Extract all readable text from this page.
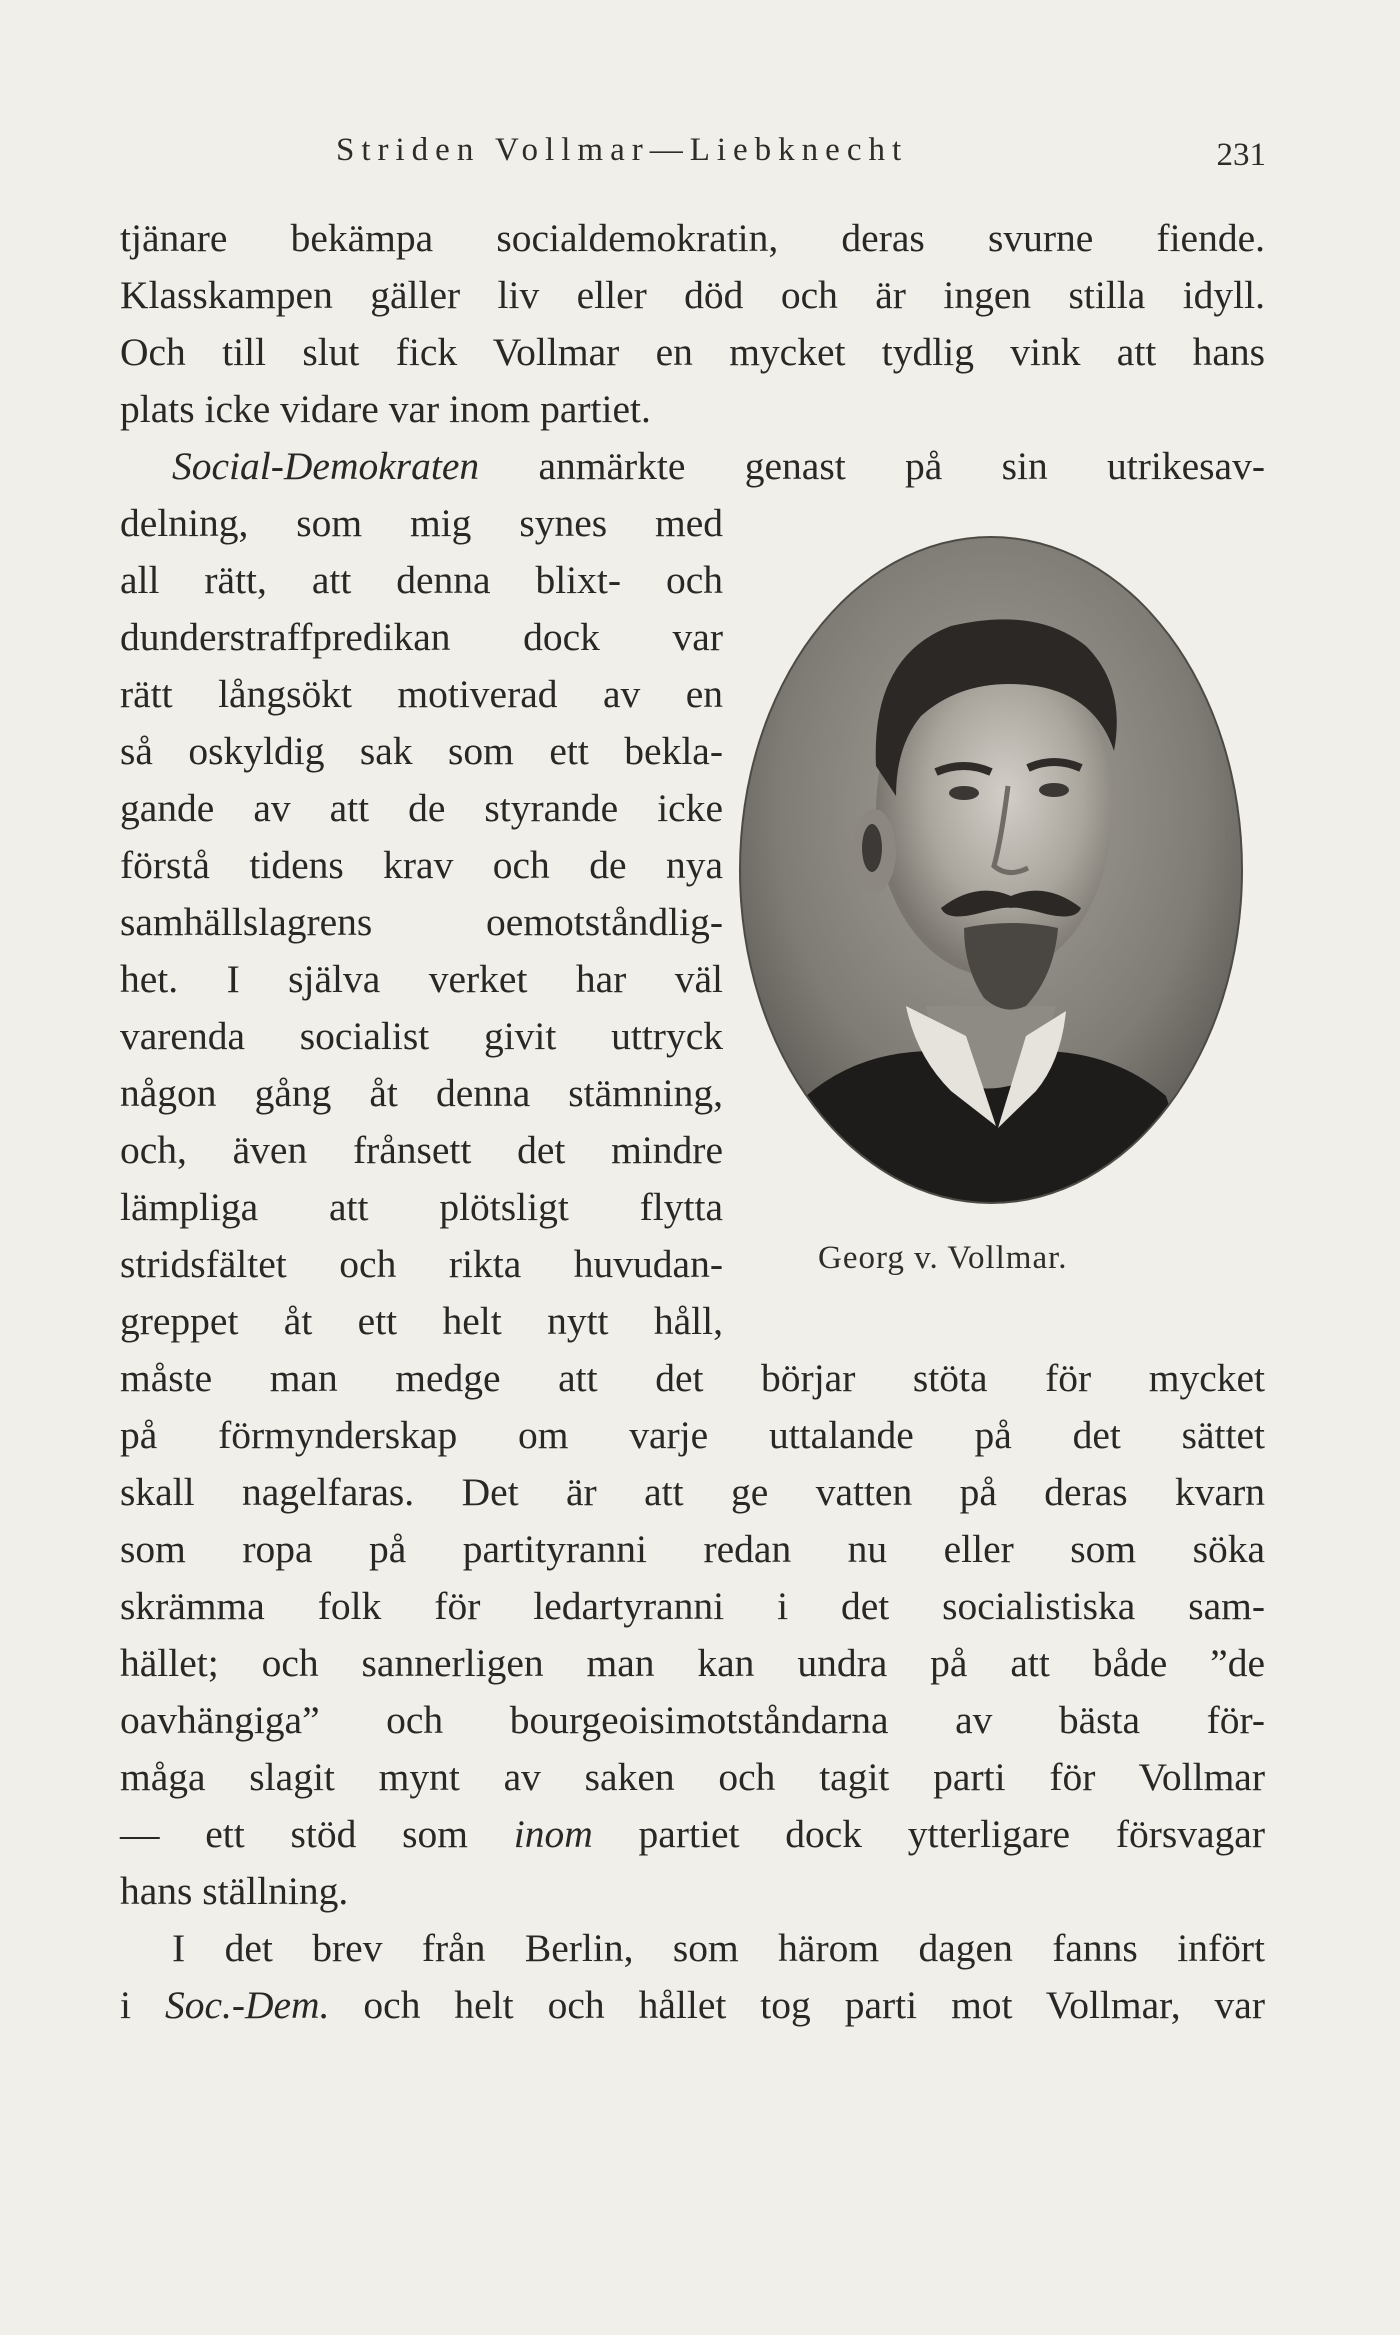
Striden Vollmar—Liebknecht	231
tjänare bekämpa socialdemokratin, deras svurne fiende.
Klasskampen gäller liv eller död och är ingen stilla idyll.
Och till slut fick Vollmar en mycket tydlig vink att hans
plats icke vidare var inom partiet.
Social-Demokraten anmärkte genast på sin utrikesav-
delning, som mig synes med
all rätt, att denna blixt- och
dunderstraffpredikan dock var
rätt långsökt motiverad av en
så oskyldig sak som ett bekla-
gande av att de styrande icke
förstå tidens krav och de nya
samhällslagrens oemotståndlig-
het. I själva verket har väl
varenda socialist givit uttryck
någon gång åt denna stämning,
och, även frånsett det mindre
lämpliga att plötsligt flytta
stridsfältet och rikta huvudan-
greppet åt ett helt nytt håll,
måste man medge att det börjar stöta för mycket
på förmynderskap om varje uttalande på det sättet
skall nagelfaras. Det är att ge vatten på deras kvarn
som ropa på partityranni redan nu eller som söka
skrämma folk för ledartyranni i det socialistiska sam-
hället; och sannerligen man kan undra på att både ”de
oavhängiga” och bourgeoisimotståndarna av bästa för-
måga slagit mynt av saken och tagit parti för Vollmar
— ett stöd som inom partiet dock ytterligare försvagar
hans ställning.
I det brev från Berlin, som härom dagen fanns infört
i Soc.-Dem. och helt och hållet tog parti mot Vollmar, var
Georg v. Vollmar.
